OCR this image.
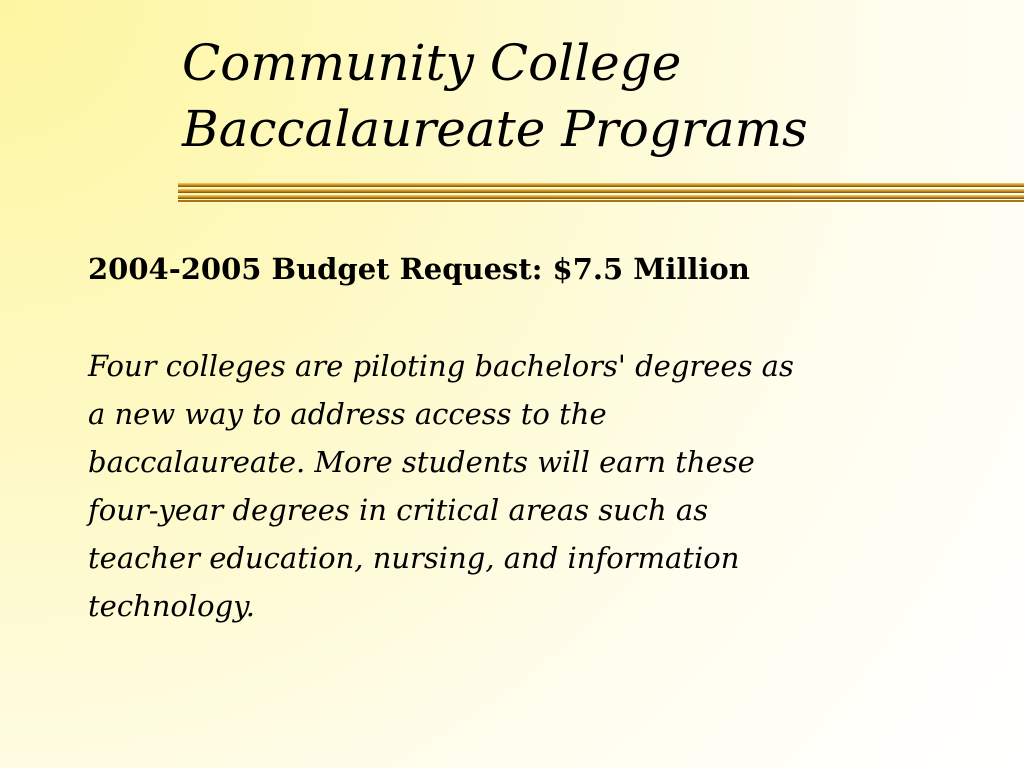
Community College
Baccalaureate Programs
2004-2005 Budget Request: $7.5 Million
Four colleges are piloting bachelors' degrees as
a new way to address access to the
baccalaureate. More students will earn these
four-year degrees in critical areas such as
teacher education, nursing, and information
technology.
